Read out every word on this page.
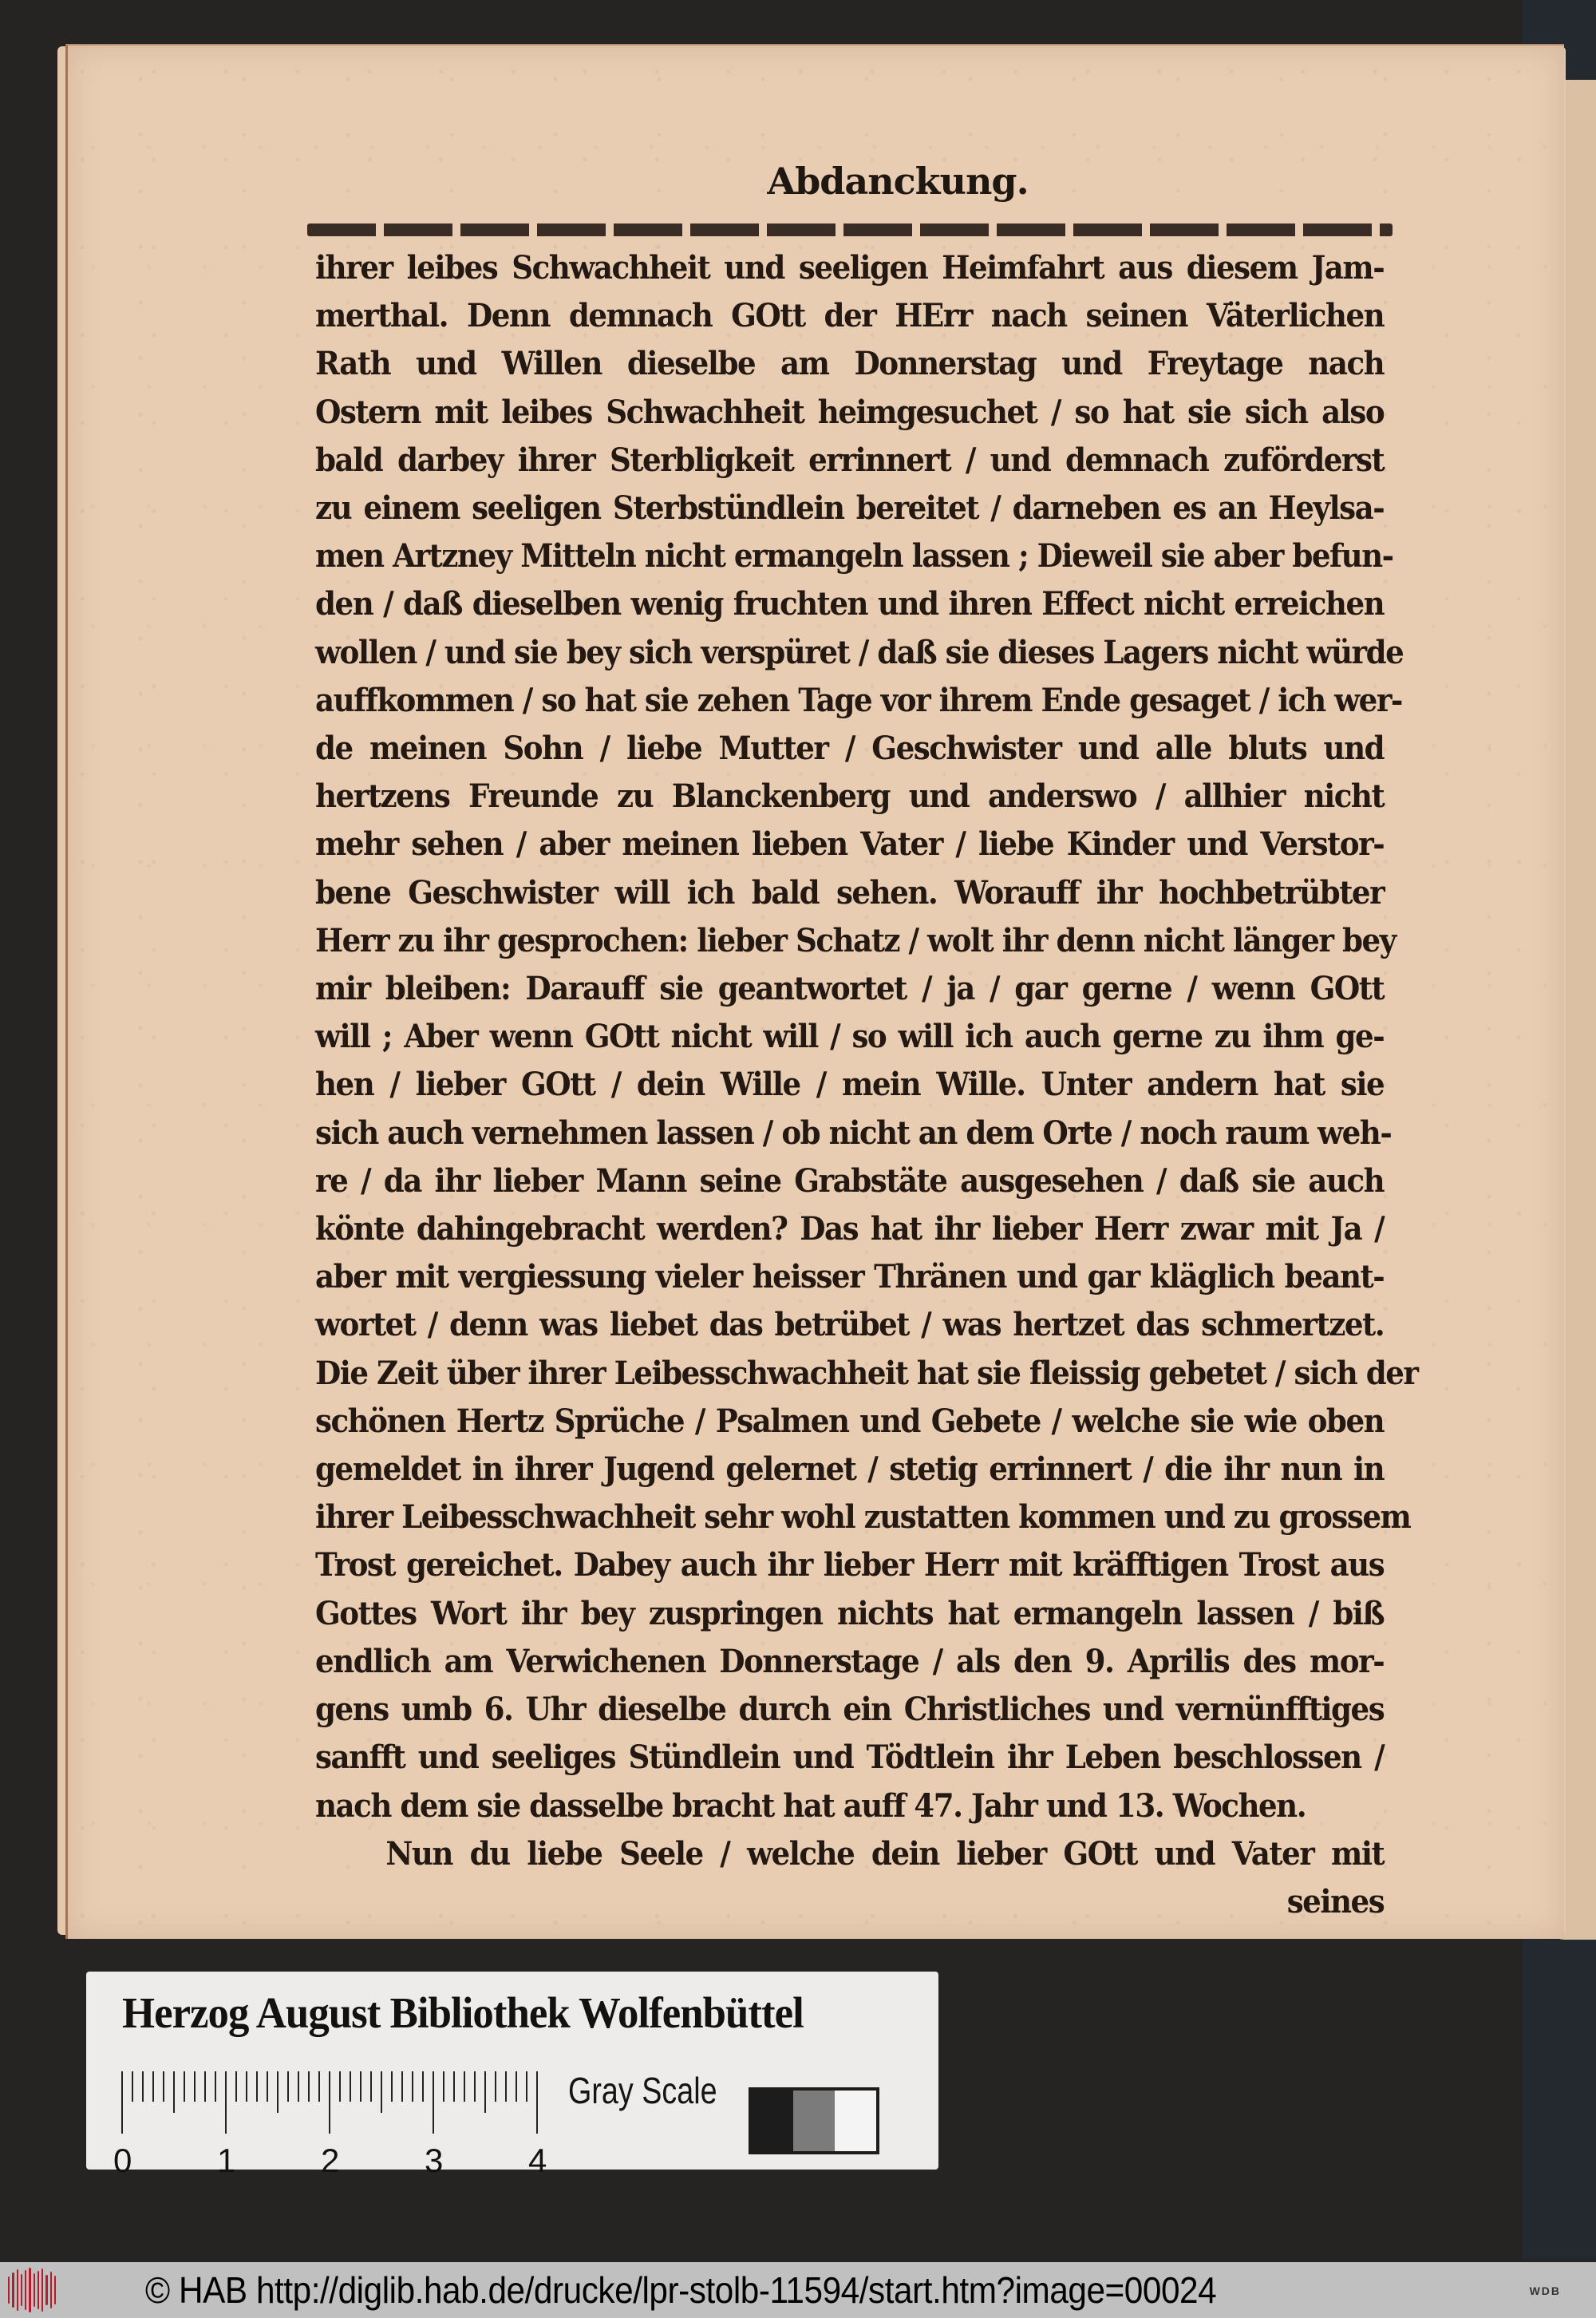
Abdanckung.
ihrer leibes Schwachheit und seeligen Heimfahrt aus diesem Jam-
merthal. Denn demnach GOtt der HErr nach seinen Väterlichen
Rath und Willen dieselbe am Donnerstag und Freytage nach
Ostern mit leibes Schwachheit heimgesuchet / so hat sie sich also
bald darbey ihrer Sterbligkeit errinnert / und demnach zuförderst
zu einem seeligen Sterbstündlein bereitet / darneben es an Heylsa-
men Artzney Mitteln nicht ermangeln lassen ; Dieweil sie aber befun-
den / daß dieselben wenig fruchten und ihren Effect nicht erreichen
wollen / und sie bey sich verspüret / daß sie dieses Lagers nicht würde
auffkommen / so hat sie zehen Tage vor ihrem Ende gesaget / ich wer-
de meinen Sohn / liebe Mutter / Geschwister und alle bluts und
hertzens Freunde zu Blanckenberg und anderswo / allhier nicht
mehr sehen / aber meinen lieben Vater / liebe Kinder und Verstor-
bene Geschwister will ich bald sehen. Worauff ihr hochbetrübter
Herr zu ihr gesprochen: lieber Schatz / wolt ihr denn nicht länger bey
mir bleiben: Darauff sie geantwortet / ja / gar gerne / wenn GOtt
will ; Aber wenn GOtt nicht will / so will ich auch gerne zu ihm ge-
hen / lieber GOtt / dein Wille / mein Wille. Unter andern hat sie
sich auch vernehmen lassen / ob nicht an dem Orte / noch raum weh-
re / da ihr lieber Mann seine Grabstäte ausgesehen / daß sie auch
könte dahingebracht werden? Das hat ihr lieber Herr zwar mit Ja /
aber mit vergiessung vieler heisser Thränen und gar kläglich beant-
wortet / denn was liebet das betrübet / was hertzet das schmertzet.
Die Zeit über ihrer Leibesschwachheit hat sie fleissig gebetet / sich der
schönen Hertz Sprüche / Psalmen und Gebete / welche sie wie oben
gemeldet in ihrer Jugend gelernet / stetig errinnert / die ihr nun in
ihrer Leibesschwachheit sehr wohl zustatten kommen und zu grossem
Trost gereichet. Dabey auch ihr lieber Herr mit kräfftigen Trost aus
Gottes Wort ihr bey zuspringen nichts hat ermangeln lassen / biß
endlich am Verwichenen Donnerstage / als den 9. Aprilis des mor-
gens umb 6. Uhr dieselbe durch ein Christliches und vernünfftiges
sanfft und seeliges Stündlein und Tödtlein ihr Leben beschlossen /
nach dem sie dasselbe bracht hat auff 47. Jahr und 13. Wochen.
Nun du liebe Seele / welche dein lieber GOtt und Vater mit
seines
Herzog August Bibliothek Wolfenbüttel
0	1	2	3	4
Gray Scale
© HAB http://diglib.hab.de/drucke/lpr-stolb-11594/start.htm?image=00024	WDB
